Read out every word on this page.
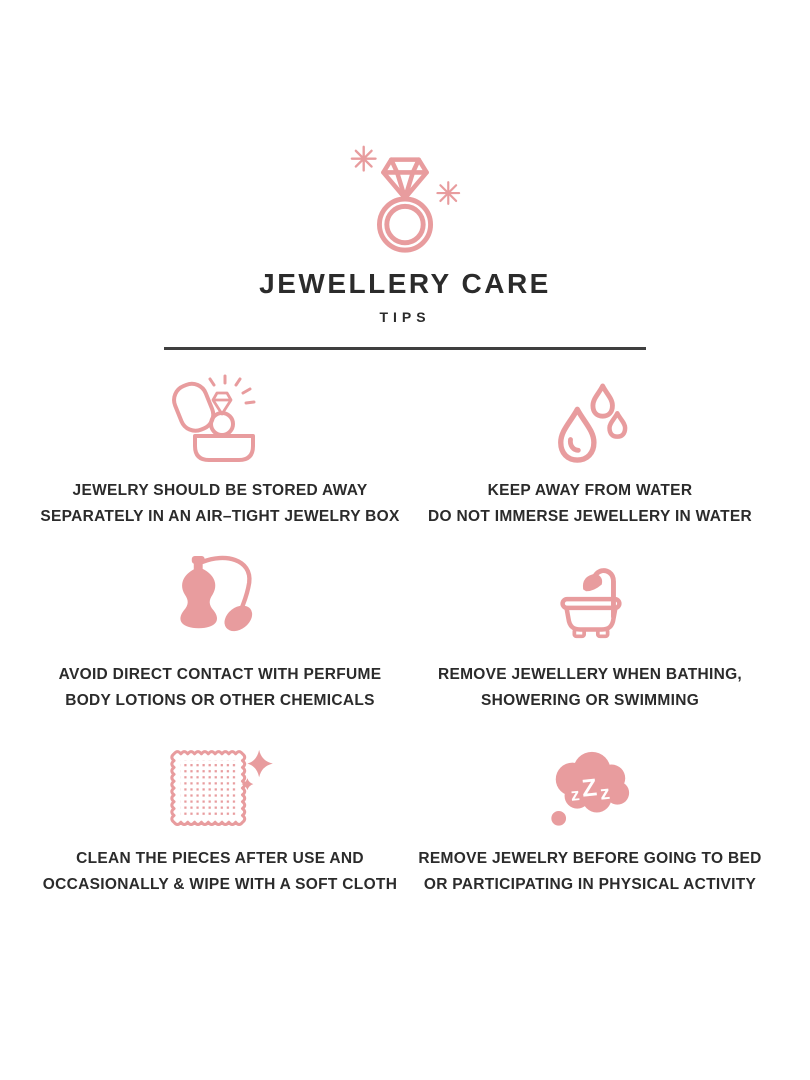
JEWELLERY CARE
TIPS

JEWELRY SHOULD BE STORED AWAY
SEPARATELY IN AN AIR–TIGHT JEWELRY BOX

KEEP AWAY FROM WATER
DO NOT IMMERSE JEWELLERY IN WATER

AVOID DIRECT CONTACT WITH PERFUME
BODY LOTIONS OR OTHER CHEMICALS

REMOVE JEWELLERY WHEN BATHING,
SHOWERING OR SWIMMING

CLEAN THE PIECES AFTER USE AND
OCCASIONALLY & WIPE WITH A SOFT CLOTH

z Z z

REMOVE JEWELRY BEFORE GOING TO BED
OR PARTICIPATING IN PHYSICAL ACTIVITY
